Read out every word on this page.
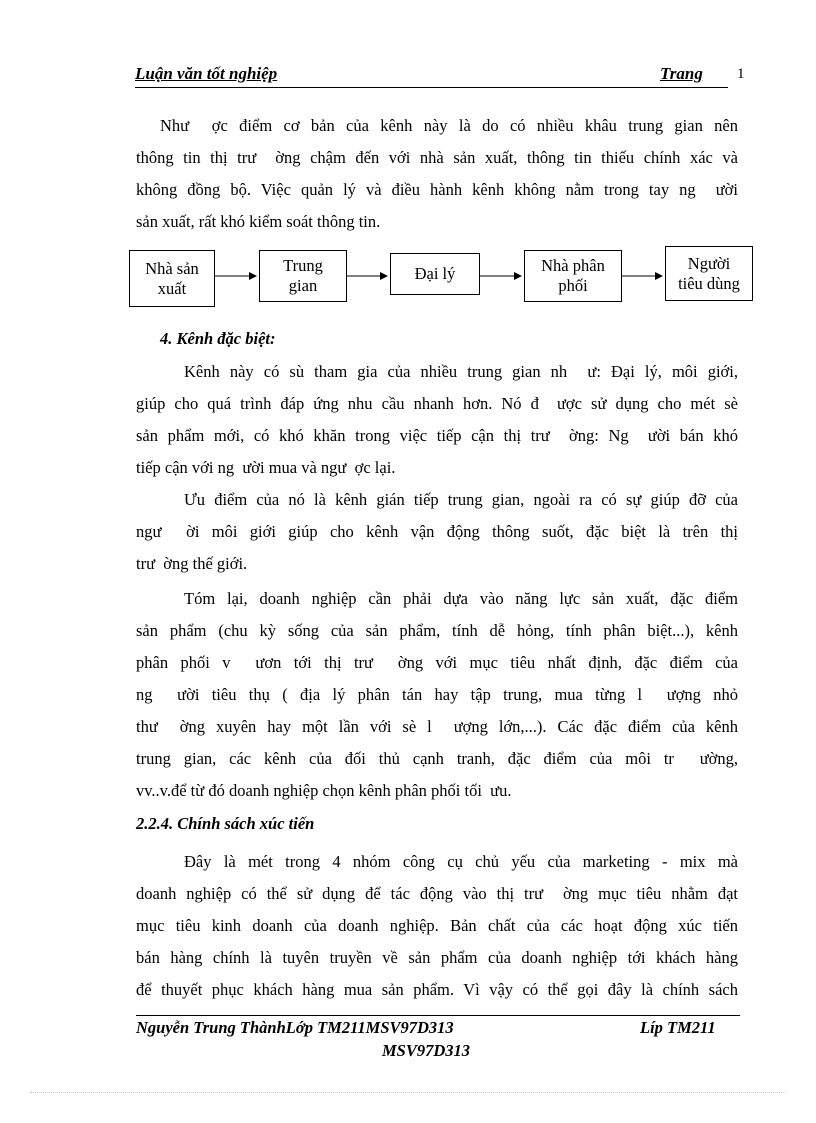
Luận văn tốt nghiệp	Trang 1
Như  ợc điểm cơ bản của kênh này là do có nhiều khâu trung gian nên
thông tin thị trư  ờng chậm đến với nhà sản xuất, thông tin thiếu chính xác và
không đồng bộ. Việc quản lý và điều hành kênh không nằm trong tay ng  ười
sản xuất, rất khó kiểm soát thông tin.
Nhà sản
xuất
Trung
gian
Đại lý	Nhà phân
phối
Người
tiêu dùng
4. Kênh đặc biệt:
Kênh này có sù tham gia của nhiều trung gian nh  ư: Đại lý, môi giới,
giúp cho quá trình đáp ứng nhu cầu nhanh hơn. Nó đ  ược sử dụng cho mét sè
sản phẩm mới, có khó khăn trong việc tiếp cận thị trư  ờng: Ng  ười bán khó
tiếp cận với ng  ười mua và ngư  ợc lại.
Ưu điểm của nó là kênh gián tiếp trung gian, ngoài ra có sự giúp đỡ của
ngư  ời môi giới giúp cho kênh vận động thông suốt, đặc biệt là trên thị
trư  ờng thế giới.
Tóm lại, doanh nghiệp cần phải dựa vào năng lực sản xuất, đặc điểm
sản phẩm (chu kỳ sống của sản phẩm, tính dễ hỏng, tính phân biệt...), kênh
phân phối v  ươn tới thị trư  ờng với mục tiêu nhất định, đặc điểm của
ng  ười tiêu thụ ( địa lý phân tán hay tập trung, mua từng l  ượng nhỏ
thư  ờng xuyên hay một lần với sè l  ượng lớn,...). Các đặc điểm của kênh
trung gian, các kênh của đối thủ cạnh tranh, đặc điểm của môi tr  ường,
vv..v.để từ đó doanh nghiệp chọn kênh phân phối tối  ưu.
2.2.4. Chính sách xúc tiến
Đây là mét trong 4 nhóm công cụ chủ yếu của marketing - mix mà
doanh nghiệp có thể sử dụng để tác động vào thị trư  ờng mục tiêu nhằm đạt
mục tiêu kinh doanh của doanh nghiệp. Bản chất của các hoạt động xúc tiến
bán hàng chính là tuyên truyền về sản phẩm của doanh nghiệp tới khách hàng
để thuyết phục khách hàng mua sản phẩm. Vì vậy có thể gọi đây là chính sách
Nguyễn Trung ThànhLớp TM211MSV97D313	Líp TM211
MSV97D313
